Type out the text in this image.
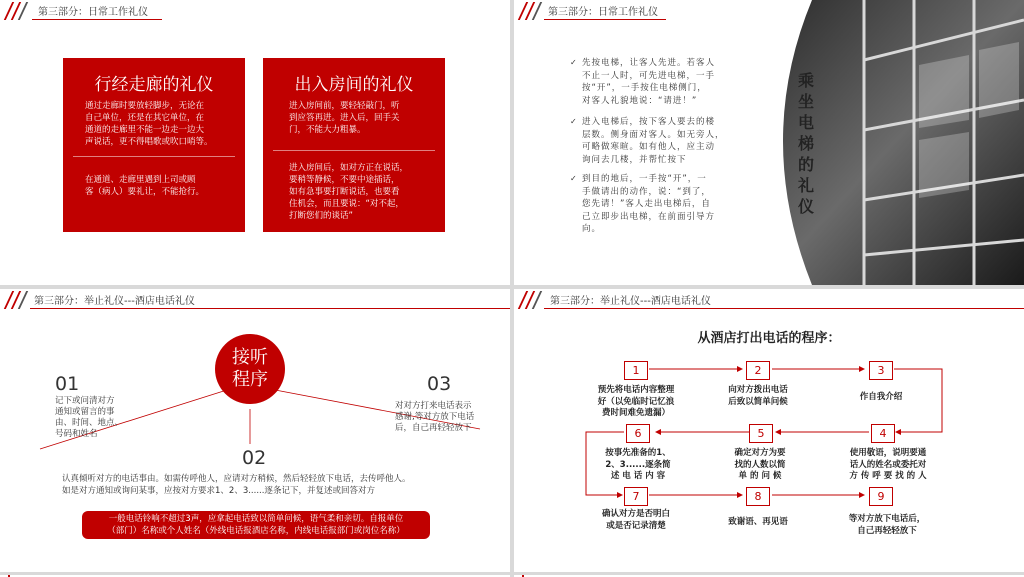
第三部分：日常工作礼仪
行经走廊的礼仪
通过走廊时要放轻脚步，无论在
自己单位，还是在其它单位，在
通道的走廊里不能一边走一边大
声说话，更不得唱歌或吹口哨等。
在通道、走廊里遇到上司或顾
客（病人）要礼让，不能抢行。
出入房间的礼仪
进入房间前，要轻轻敲门，听
到应答再进。进入后，回手关
门，不能大力粗暴。
进入房间后，如对方正在说话，
要稍等静候，不要中途插话，
如有急事要打断说话，也要看
住机会，而且要说：“对不起，
打断您们的谈话”
第三部分：日常工作礼仪
乘坐电梯的礼仪
✓ 先按电梯，让客人先进。若客人
不止一人时，可先进电梯，一手
按“开”，一手按住电梯侧门，
对客人礼貌地说：“请进！”
✓ 进入电梯后，按下客人要去的楼
层数。侧身面对客人。如无旁人，
可略做寒暄。如有他人，应主动
询问去几楼，并帮忙按下
✓ 到目的地后，一手按“开”，一
手做请出的动作，说：“到了，
您先请！”客人走出电梯后，自
己立即步出电梯，在前面引导方
向。
第三部分：举止礼仪---酒店电话礼仪
接听
程序
01
记下或问清对方
通知或留言的事
由、时间、地点、
号码和姓名
03
对对方打来电话表示
感谢,等对方放下电话
后，自己再轻轻放下
02
认真倾听对方的电话事由。如需传呼他人，应请对方稍候，然后轻轻放下电话，去传呼他人。
如是对方通知或询问某事，应按对方要求1、2、3......逐条记下，并复述或回答对方
一般电话铃响不超过3声，应拿起电话致以简单问候，语气柔和亲切。自报单位
（部门）名称或个人姓名（外线电话报酒店名称，内线电话报部门或岗位名称）
第三部分：举止礼仪---酒店电话礼仪
从酒店打出电话的程序：
1	2	3
4
5
6
7	8	9
预先将电话内容整理
好（以免临时记忆浪
费时间难免遗漏）
向对方拨出电话
后致以简单问候	作自我介绍
使用敬语，说明要通
话人的姓名或委托对
方 传 呼 要 找 的 人
确定对方为要
找的人数以简
单 的 问 候
按事先准备的1、
2、3......逐条简
述 电 话 内 容
确认对方是否明白
或是否记录清楚	致谢语、再见语	等对方放下电话后，
自己再轻轻放下
